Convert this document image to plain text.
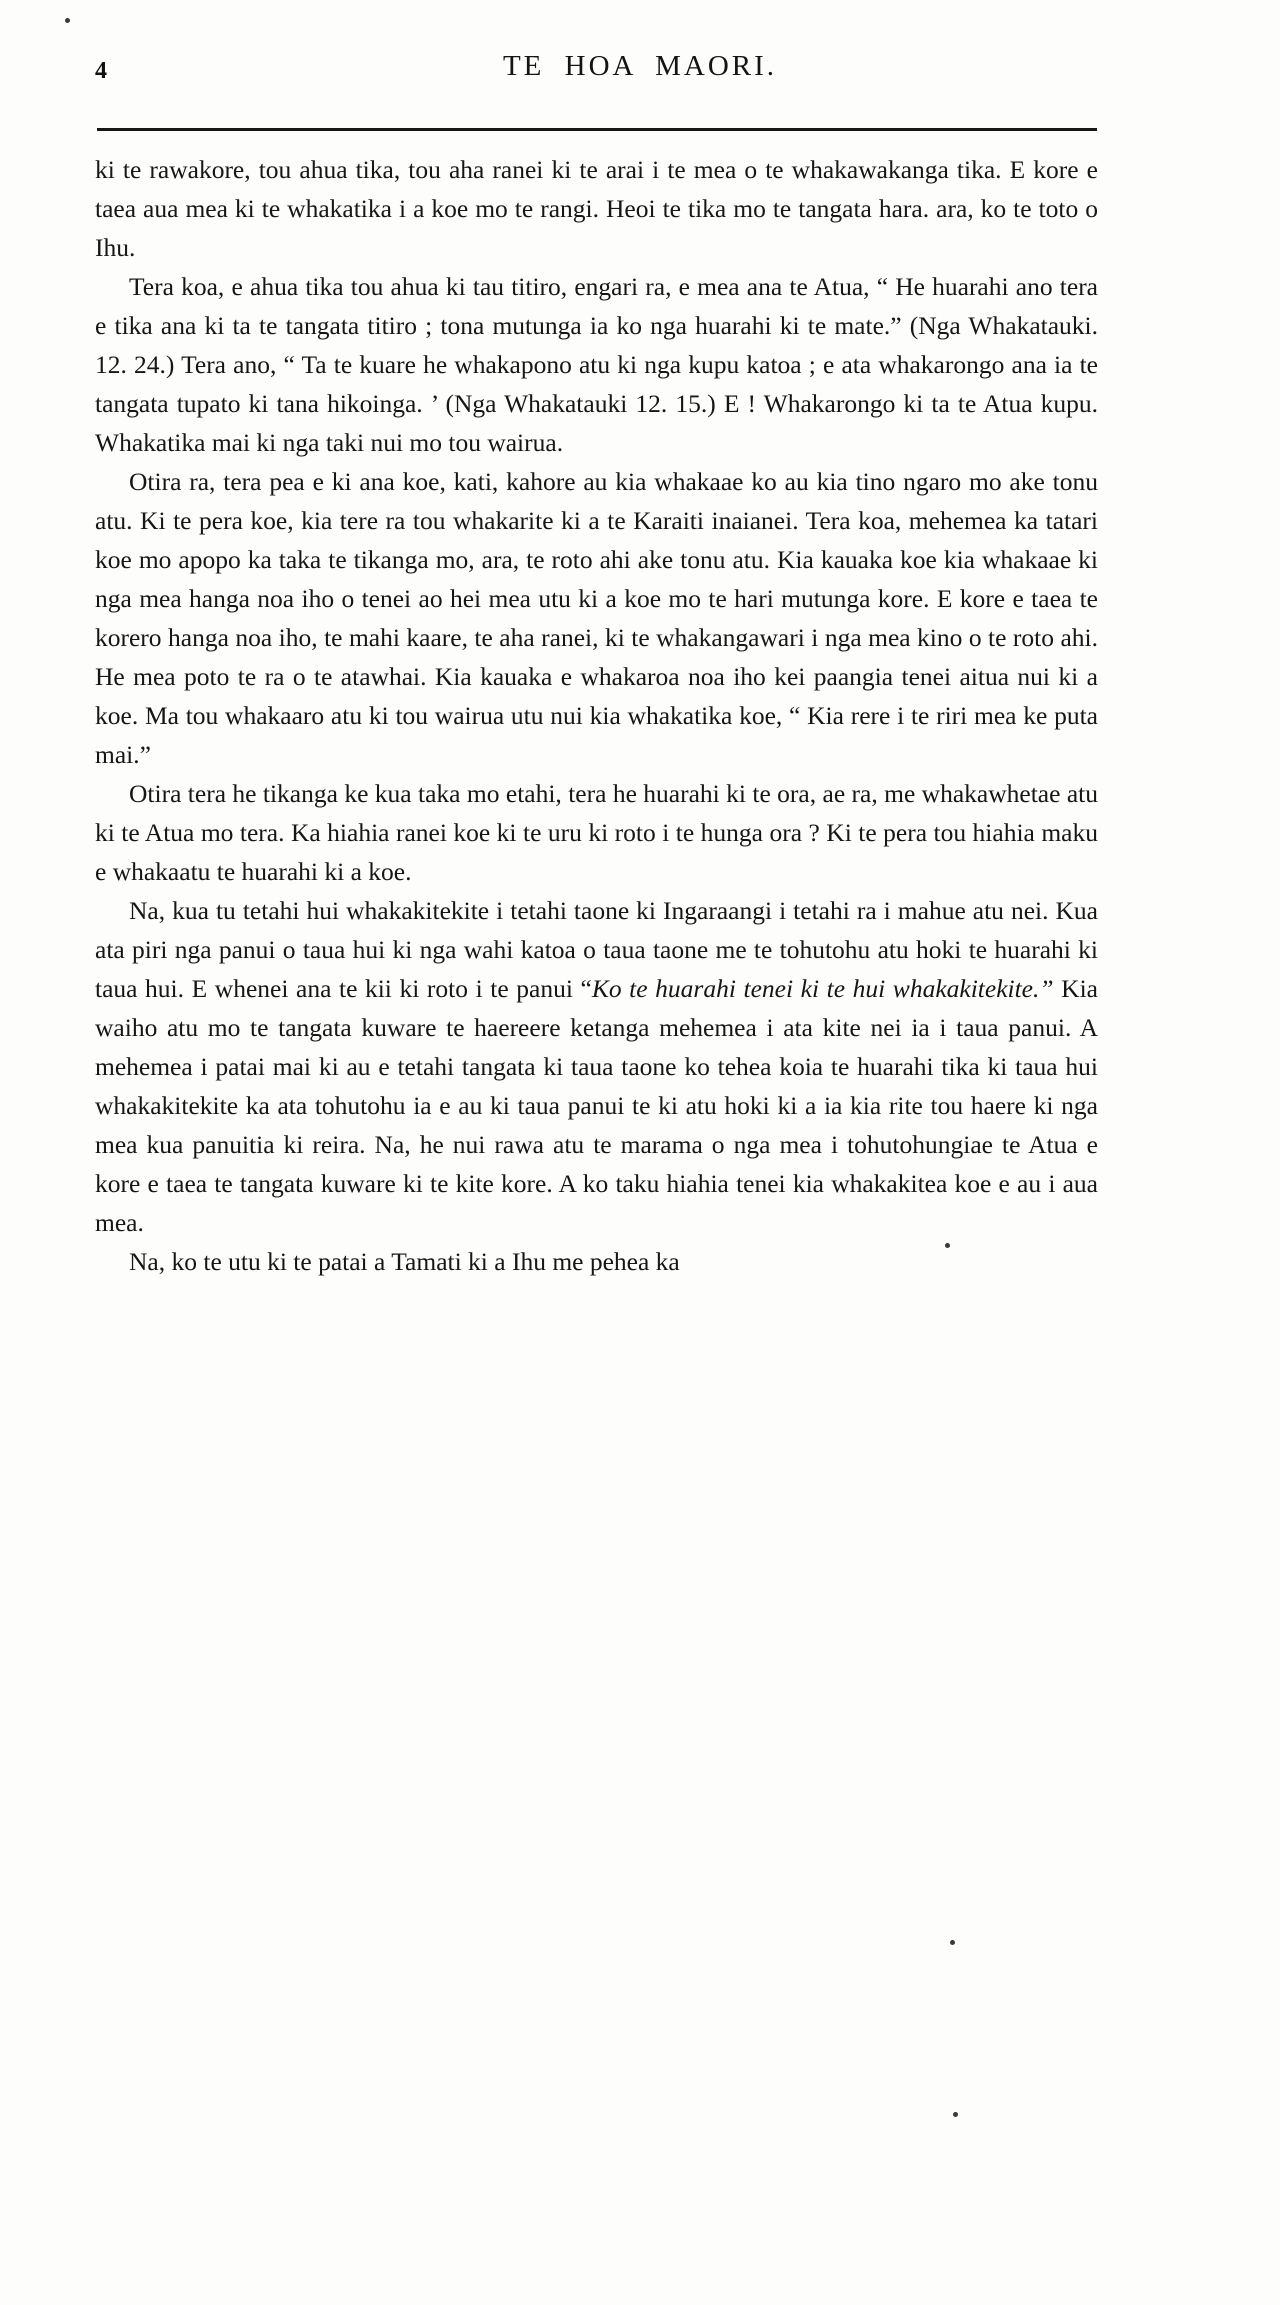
4	TE HOA MAORI.

ki te rawakore, tou ahua tika, tou aha ranei ki te arai i te mea o te whakawakanga tika. E kore e taea aua mea ki te whakatika i a koe mo te rangi. Heoi te tika mo te tangata hara. ara, ko te toto o Ihu.

Tera koa, e ahua tika tou ahua ki tau titiro, engari ra, e mea ana te Atua, “ He huarahi ano tera e tika ana ki ta te tangata titiro ; tona mutunga ia ko nga huarahi ki te mate.” (Nga Whakatauki. 12. 24.) Tera ano, “ Ta te kuare he whakapono atu ki nga kupu katoa ; e ata whakarongo ana ia te tangata tupato ki tana hikoinga. ’ (Nga Whakatauki 12. 15.) E ! Whakarongo ki ta te Atua kupu. Whakatika mai ki nga taki nui mo tou wairua.

Otira ra, tera pea e ki ana koe, kati, kahore au kia whakaae ko au kia tino ngaro mo ake tonu atu. Ki te pera koe, kia tere ra tou whakarite ki a te Karaiti inaianei. Tera koa, mehemea ka tatari koe mo apopo ka taka te tikanga mo, ara, te roto ahi ake tonu atu. Kia kauaka koe kia whakaae ki nga mea hanga noa iho o tenei ao hei mea utu ki a koe mo te hari mutunga kore. E kore e taea te korero hanga noa iho, te mahi kaare, te aha ranei, ki te whakangawari i nga mea kino o te roto ahi. He mea poto te ra o te atawhai. Kia kauaka e whakaroa noa iho kei paangia tenei aitua nui ki a koe. Ma tou whakaaro atu ki tou wairua utu nui kia whakatika koe, “ Kia rere i te riri mea ke puta mai.”

Otira tera he tikanga ke kua taka mo etahi, tera he huarahi ki te ora, ae ra, me whakawhetae atu ki te Atua mo tera. Ka hiahia ranei koe ki te uru ki roto i te hunga ora ? Ki te pera tou hiahia maku e whakaatu te huarahi ki a koe.

Na, kua tu tetahi hui whakakitekite i tetahi taone ki Ingaraangi i tetahi ra i mahue atu nei. Kua ata piri nga panui o taua hui ki nga wahi katoa o taua taone me te tohutohu atu hoki te huarahi ki taua hui. E whenei ana te kii ki roto i te panui “Ko te huarahi tenei ki te hui whakakitekite.” Kia waiho atu mo te tangata kuware te haereere ketanga mehemea i ata kite nei ia i taua panui. A mehemea i patai mai ki au e tetahi tangata ki taua taone ko tehea koia te huarahi tika ki taua hui whakakitekite ka ata tohutohu ia e au ki taua panui te ki atu hoki ki a ia kia rite tou haere ki nga mea kua panuitia ki reira. Na, he nui rawa atu te marama o nga mea i tohutohungiae te Atua e kore e taea te tangata kuware ki te kite kore. A ko taku hiahia tenei kia whakakitea koe e au i aua mea.

Na, ko te utu ki te patai a Tamati ki a Ihu me pehea ka
